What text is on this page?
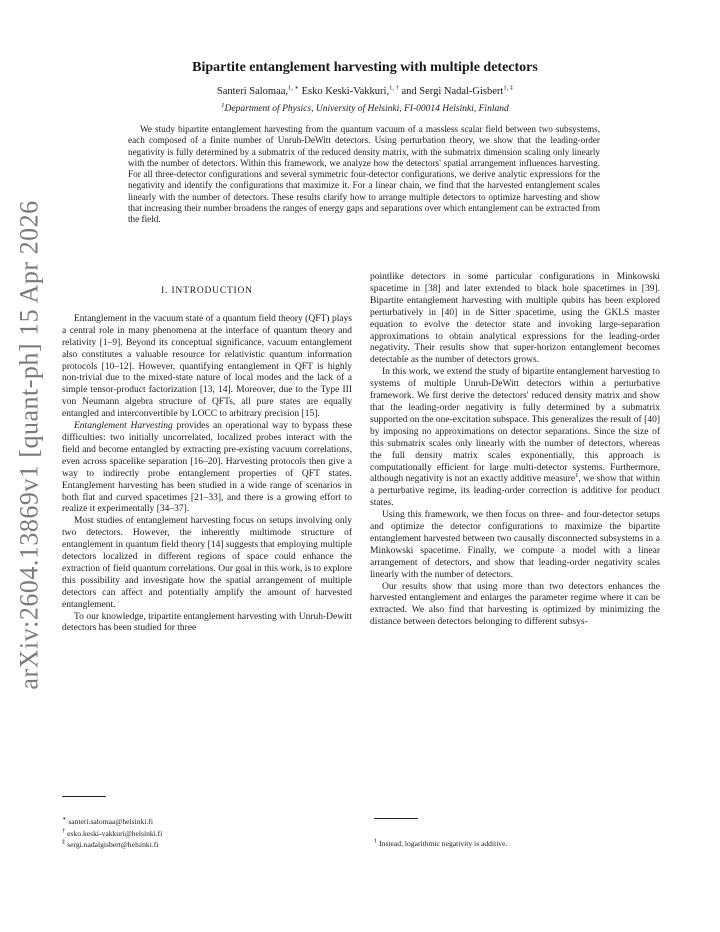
arXiv:2604.13869v1 [quant-ph] 15 Apr 2026
Bipartite entanglement harvesting with multiple detectors
Santeri Salomaa,$^{1, ∗}$ Esko Keski-Vakkuri,$^{1, \dagger}$ and Sergi Nadal-Gisbert$^{1, \ddagger}$
$^1$Department of Physics, University of Helsinki, FI-00014 Helsinki, Finland

We study bipartite entanglement harvesting from the quantum vacuum of a massless scalar field between two subsystems, each composed of a finite number of Unruh-DeWitt detectors. Using perturbation theory, we show that the leading-order negativity is fully determined by a submatrix of the reduced density matrix, with the submatrix dimension scaling only linearly with the number of detectors. Within this framework, we analyze how the detectors' spatial arrangement influences harvesting. For all three-detector configurations and several symmetric four-detector configurations, we derive analytic expressions for the negativity and identify the configurations that maximize it. For a linear chain, we find that the harvested entanglement scales linearly with the number of detectors. These results clarify how to arrange multiple detectors to optimize harvesting and show that increasing their number broadens the ranges of energy gaps and separations over which entanglement can be extracted from the field.

I. INTRODUCTION

Entanglement in the vacuum state of a quantum field theory (QFT) plays a central role in many phenomena at the interface of quantum theory and relativity [1–9]. Beyond its conceptual significance, vacuum entanglement also constitutes a valuable resource for relativistic quantum information protocols [10–12]. However, quantifying entanglement in QFT is highly non-trivial due to the mixed-state nature of local modes and the lack of a simple tensor-product factorization [13, 14]. Moreover, due to the Type III von Neumann algebra structure of QFTs, all pure states are equally entangled and interconvertible by LOCC to arbitrary precision [15].

Entanglement Harvesting provides an operational way to bypass these difficulties: two initially uncorrelated, localized probes interact with the field and become entangled by extracting pre-existing vacuum correlations, even across spacelike separation [16–20]. Harvesting protocols then give a way to indirectly probe entanglement properties of QFT states. Entanglement harvesting has been studied in a wide range of scenarios in both flat and curved spacetimes [21–33], and there is a growing effort to realize it experimentally [34–37].

Most studies of entanglement harvesting focus on setups involving only two detectors. However, the inherently multimode structure of entanglement in quantum field theory [14] suggests that employing multiple detectors localized in different regions of space could enhance the extraction of field quantum correlations. Our goal in this work, is to explore this possibility and investigate how the spatial arrangement of multiple detectors can affect and potentially amplify the amount of harvested entanglement.

To our knowledge, tripartite entanglement harvesting with Unruh-Dewitt detectors has been studied for three

pointlike detectors in some particular configurations in Minkowski spacetime in [38] and later extended to black hole spacetimes in [39]. Bipartite entanglement harvesting with multiple qubits has been explored perturbatively in [40] in de Sitter spacetime, using the GKLS master equation to evolve the detector state and invoking large-separation approximations to obtain analytical expressions for the leading-order negativity. Their results show that super-horizon entanglement becomes detectable as the number of detectors grows.

In this work, we extend the study of bipartite entanglement harvesting to systems of multiple Unruh-DeWitt detectors within a perturbative framework. We first derive the detectors' reduced density matrix and show that the leading-order negativity is fully determined by a submatrix supported on the one-excitation subspace. This generalizes the result of [40] by imposing no approximations on detector separations. Since the size of this submatrix scales only linearly with the number of detectors, whereas the full density matrix scales exponentially, this approach is computationally efficient for large multi-detector systems. Furthermore, although negativity is not an exactly additive measure$^1$, we show that within a perturbative regime, its leading-order correction is additive for product states.

Using this framework, we then focus on three- and four-detector setups and optimize the detector configurations to maximize the bipartite entanglement harvested between two causally disconnected subsystems in a Minkowski spacetime. Finally, we compute a model with a linear arrangement of detectors, and show that leading-order negativity scales linearly with the number of detectors.

Our results show that using more than two detectors enhances the harvested entanglement and enlarges the parameter regime where it can be extracted. We also find that harvesting is optimized by minimizing the distance between detectors belonging to different subsys-

∗ santeri.salomaa@helsinki.fi
† esko.keski-vakkuri@helsinki.fi
‡ sergi.nadalgisbert@helsinki.fi	$^1$ Instead, logarithmic negativity is additive.
